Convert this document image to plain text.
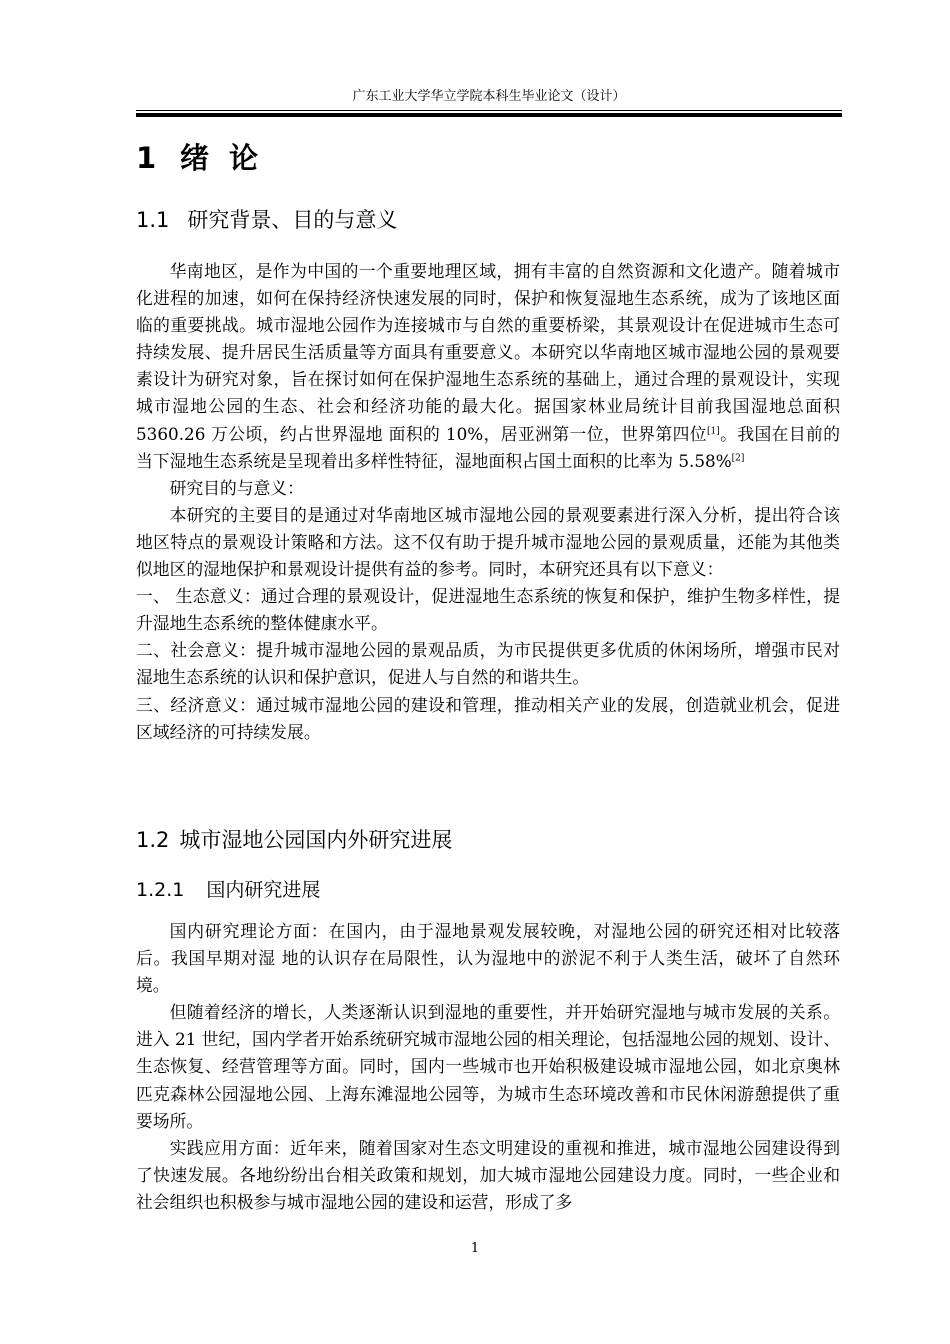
广东工业大学华立学院本科生毕业论文（设计）
1 绪论
1.1 研究背景、目的与意义

华南地区，是作为中国的一个重要地理区域，拥有丰富的自然资源和文化遗产。随着城市化进程的加速，如何在保持经济快速发展的同时，保护和恢复湿地生态系统，成为了该地区面临的重要挑战。城市湿地公园作为连接城市与自然的重要桥梁，其景观设计在促进城市生态可持续发展、提升居民生活质量等方面具有重要意义。本研究以华南地区城市湿地公园的景观要素设计为研究对象，旨在探讨如何在保护湿地生态系统的基础上，通过合理的景观设计，实现城市湿地公园的生态、社会和经济功能的最大化。据国家林业局统计目前我国湿地总面积 5360.26 万公顷，约占世界湿地 面积的 10%，居亚洲第一位，世界第四位[1]。我国在目前的当下湿地生态系统是呈现着出多样性特征，湿地面积占国土面积的比率为 5.58%[2]

研究目的与意义：

本研究的主要目的是通过对华南地区城市湿地公园的景观要素进行深入分析，提出符合该地区特点的景观设计策略和方法。这不仅有助于提升城市湿地公园的景观质量，还能为其他类似地区的湿地保护和景观设计提供有益的参考。同时，本研究还具有以下意义：

一、 生态意义：通过合理的景观设计，促进湿地生态系统的恢复和保护，维护生物多样性，提升湿地生态系统的整体健康水平。

二、社会意义：提升城市湿地公园的景观品质，为市民提供更多优质的休闲场所，增强市民对湿地生态系统的认识和保护意识，促进人与自然的和谐共生。

三、经济意义：通过城市湿地公园的建设和管理，推动相关产业的发展，创造就业机会，促进区域经济的可持续发展。

1.2 城市湿地公园国内外研究进展
1.2.1 国内研究进展

国内研究理论方面：在国内，由于湿地景观发展较晚，对湿地公园的研究还相对比较落后。我国早期对湿 地的认识存在局限性，认为湿地中的淤泥不利于人类生活，破坏了自然环境。

但随着经济的增长，人类逐渐认识到湿地的重要性，并开始研究湿地与城市发展的关系。进入 21 世纪，国内学者开始系统研究城市湿地公园的相关理论，包括湿地公园的规划、设计、生态恢复、经营管理等方面。同时，国内一些城市也开始积极建设城市湿地公园，如北京奥林匹克森林公园湿地公园、上海东滩湿地公园等，为城市生态环境改善和市民休闲游憩提供了重要场所。

实践应用方面：近年来，随着国家对生态文明建设的重视和推进，城市湿地公园建设得到了快速发展。各地纷纷出台相关政策和规划，加大城市湿地公园建设力度。同时，一些企业和社会组织也积极参与城市湿地公园的建设和运营，形成了多

1
